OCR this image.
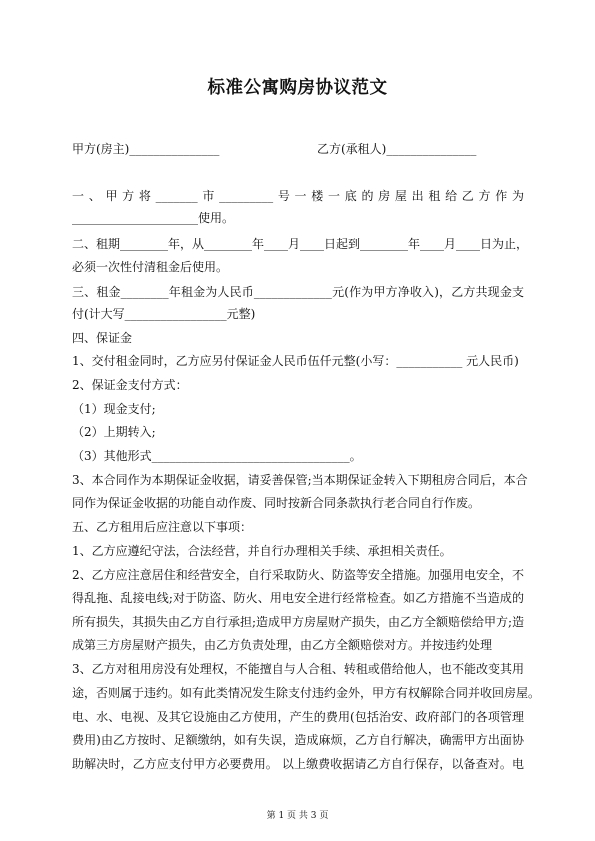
标准公寓购房协议范文
甲方(房主)_______________	乙方(承租人)_______________
一、甲方将_______市_________号一楼一底的房屋出租给乙方作为
_____________________使用。
二、租期________年，从________年____月____日起到________年____月____日为止，
必须一次性付清租金后使用。
三、租金________年租金为人民币_____________元(作为甲方净收入)，乙方共现金支
付(计大写_________________元整)
四、保证金
1、交付租金同时，乙方应另付保证金人民币伍仟元整(小写：___________ 元人民币)
2、保证金支付方式：
（1）现金支付;
（2）上期转入;
（3）其他形式_________________________________。
3、本合同作为本期保证金收据，请妥善保管;当本期保证金转入下期租房合同后，本合
同作为保证金收据的功能自动作废、同时按新合同条款执行老合同自行作废。
五、乙方租用后应注意以下事项：
1、乙方应遵纪守法，合法经营，并自行办理相关手续、承担相关责任。
2、乙方应注意居住和经营安全，自行采取防火、防盗等安全措施。加强用电安全，不
得乱拖、乱接电线;对于防盗、防火、用电安全进行经常检查。如乙方措施不当造成的
所有损失，其损失由乙方自行承担;造成甲方房屋财产损失，由乙方全额赔偿给甲方;造
成第三方房屋财产损失，由乙方负责处理，由乙方全额赔偿对方。并按违约处理
3、乙方对租用房没有处理权，不能擅自与人合租、转租或借给他人，也不能改变其用
途，否则属于违约。如有此类情况发生除支付违约金外，甲方有权解除合同并收回房屋。
电、水、电视、及其它设施由乙方使用，产生的费用(包括治安、政府部门的各项管理
费用)由乙方按时、足额缴纳，如有失误，造成麻烦，乙方自行解决，确需甲方出面协
助解决时，乙方应支付甲方必要费用。 以上缴费收据请乙方自行保存，以备查对。电
第 1 页 共 3 页
